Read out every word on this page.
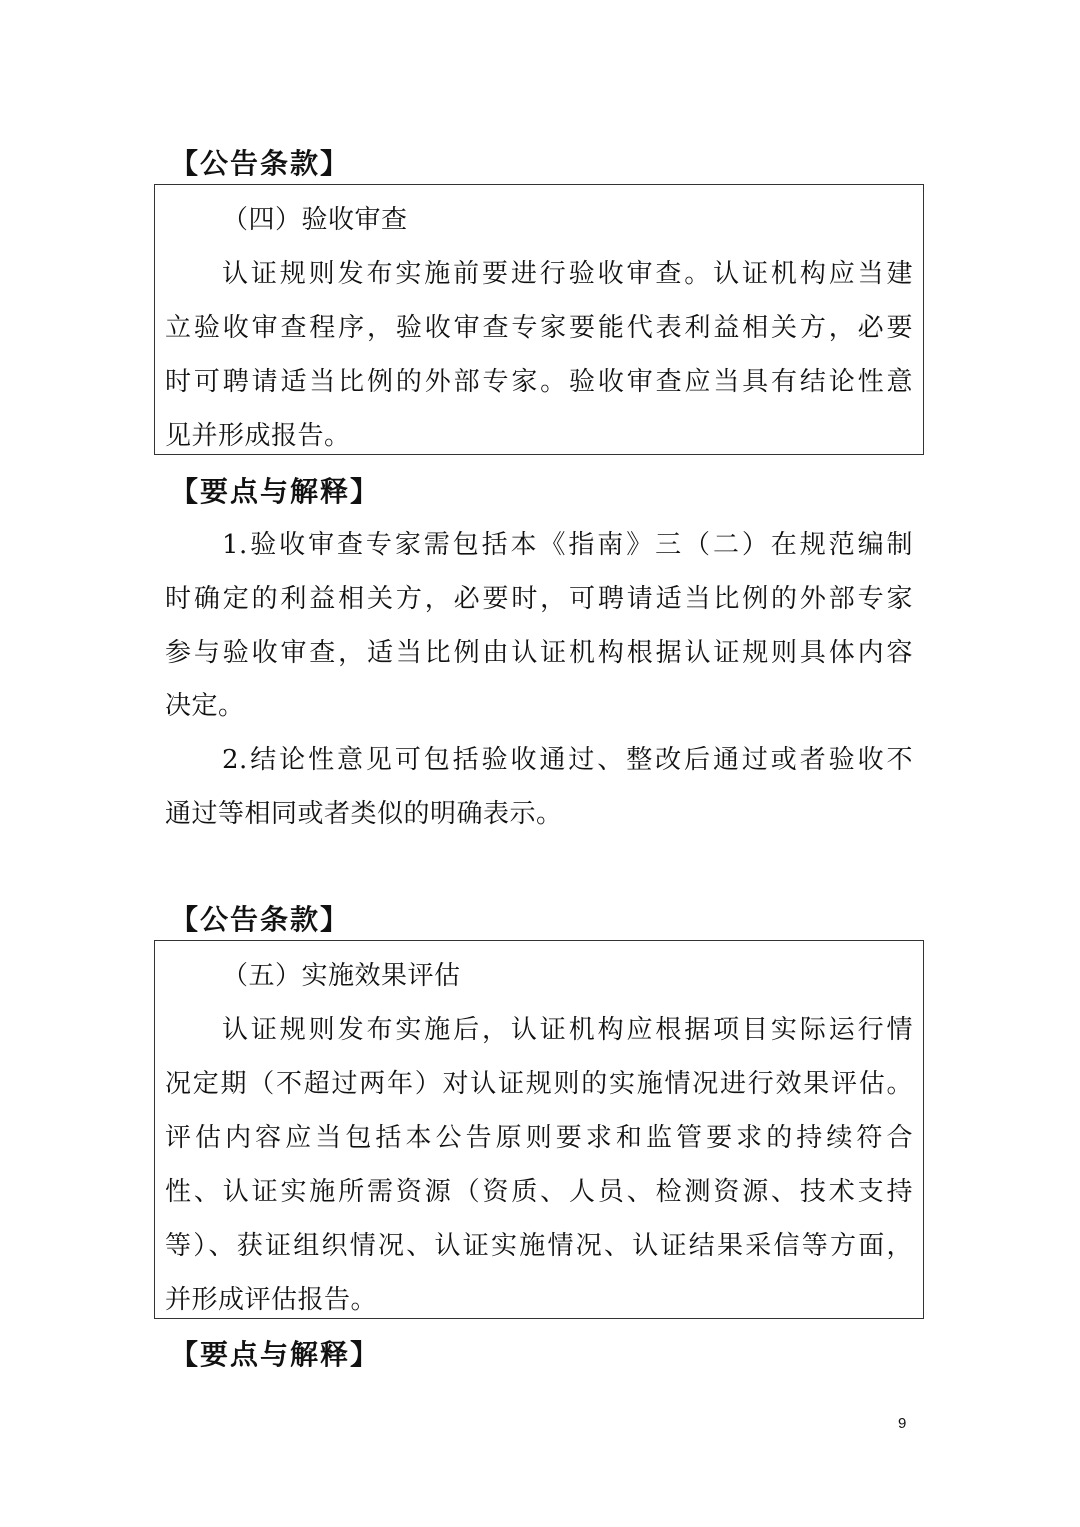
【公告条款】
（四）验收审查
认证规则发布实施前要进行验收审查。认证机构应当建
立验收审查程序，验收审查专家要能代表利益相关方，必要
时可聘请适当比例的外部专家。验收审查应当具有结论性意
见并形成报告。
【要点与解释】
1.验收审查专家需包括本《指南》三（二）在规范编制
时确定的利益相关方，必要时，可聘请适当比例的外部专家
参与验收审查，适当比例由认证机构根据认证规则具体内容
决定。
2.结论性意见可包括验收通过、整改后通过或者验收不
通过等相同或者类似的明确表示。
【公告条款】
（五）实施效果评估
认证规则发布实施后，认证机构应根据项目实际运行情
况定期（不超过两年）对认证规则的实施情况进行效果评估。
评估内容应当包括本公告原则要求和监管要求的持续符合
性、认证实施所需资源（资质、人员、检测资源、技术支持
等）、获证组织情况、认证实施情况、认证结果采信等方面，
并形成评估报告。
【要点与解释】
9
